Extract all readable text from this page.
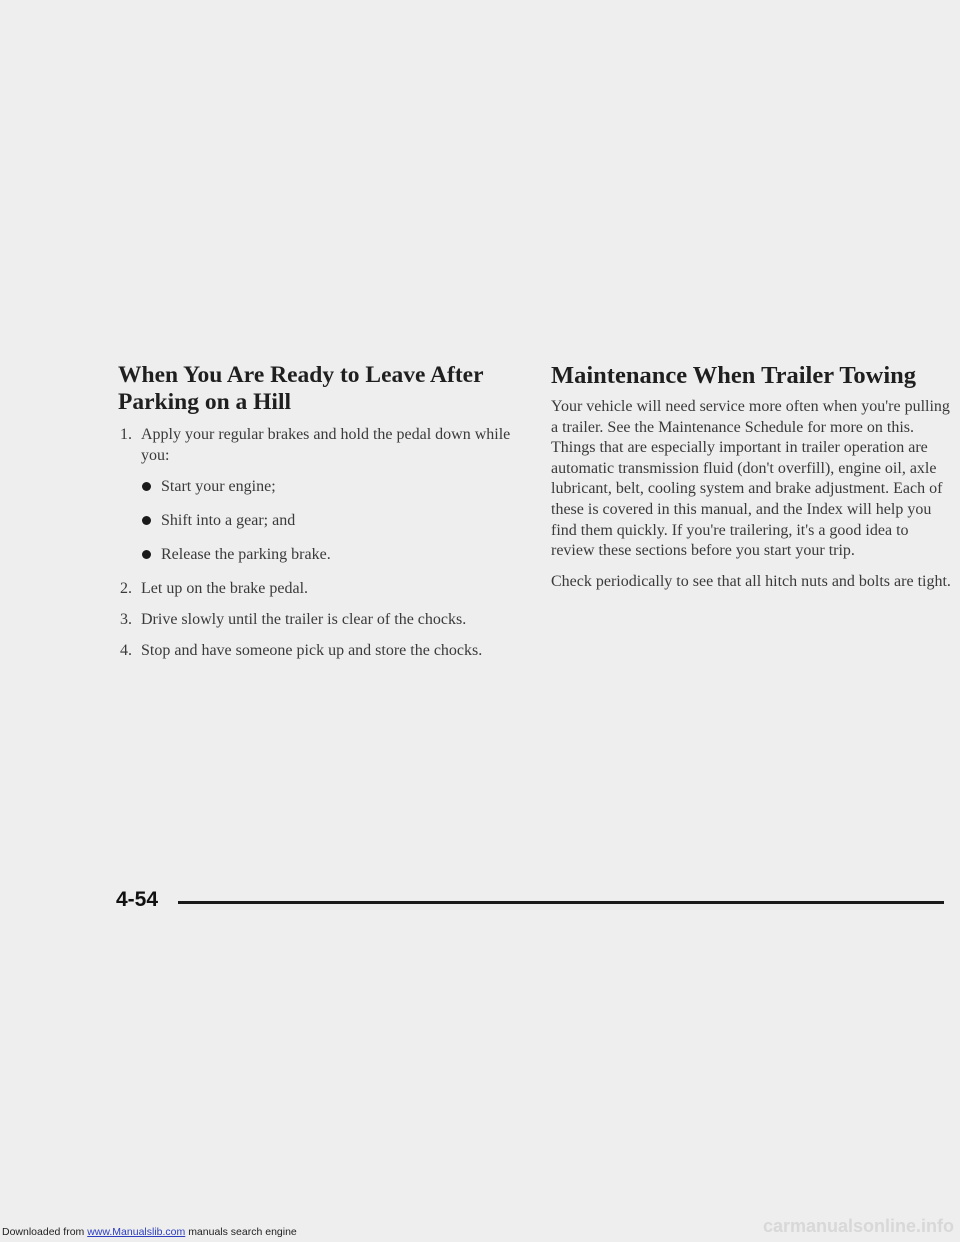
When You Are Ready to Leave After Parking on a Hill
1. Apply your regular brakes and hold the pedal down while you:
Start your engine;
Shift into a gear; and
Release the parking brake.
2. Let up on the brake pedal.
3. Drive slowly until the trailer is clear of the chocks.
4. Stop and have someone pick up and store the chocks.
Maintenance When Trailer Towing

Your vehicle will need service more often when you're pulling a trailer. See the Maintenance Schedule for more on this. Things that are especially important in trailer operation are automatic transmission fluid (don't overfill), engine oil, axle lubricant, belt, cooling system and brake adjustment. Each of these is covered in this manual, and the Index will help you find them quickly. If you're trailering, it's a good idea to review these sections before you start your trip.

Check periodically to see that all hitch nuts and bolts are tight.

4-54
Downloaded from www.Manualslib.com manuals search engine	carmanualsonline.info
